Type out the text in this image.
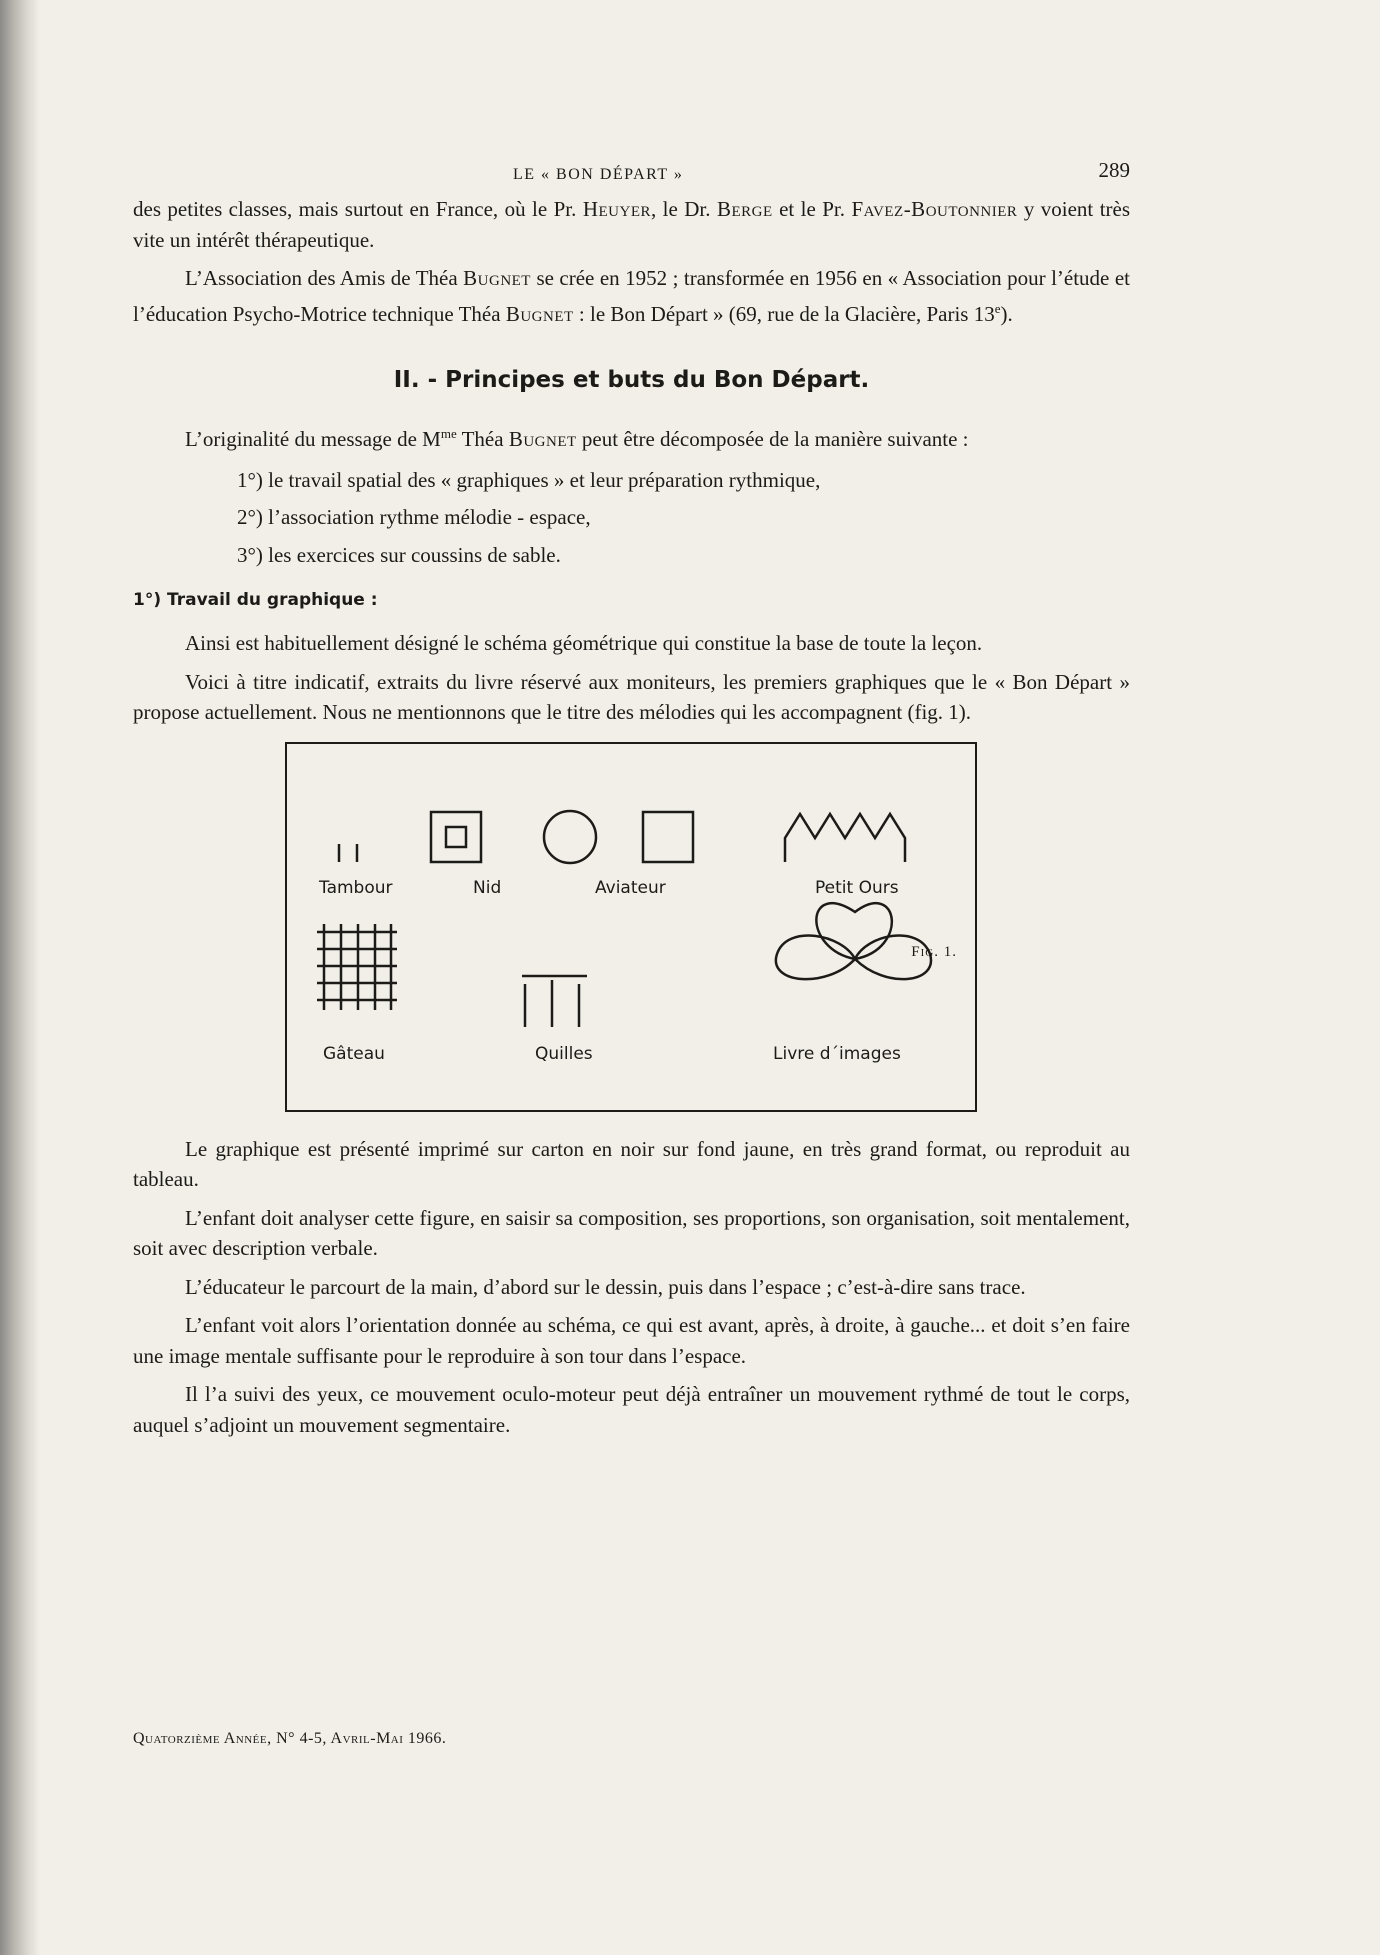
LE « BON DÉPART »	289

des petites classes, mais surtout en France, où le Pr. Heuyer, le Dr. Berge et le Pr. Favez-Boutonnier y voient très vite un intérêt thérapeutique.

L’Association des Amis de Théa Bugnet se crée en 1952 ; transformée en 1956 en « Association pour l’étude et l’éducation Psycho-Motrice technique Théa Bugnet : le Bon Départ » (69, rue de la Glacière, Paris 13e).

II. - Principes et buts du Bon Départ.

L’originalité du message de $M^{me}$ Théa Bugnet peut être décomposée de la manière suivante :

1°) le travail spatial des « graphiques » et leur préparation rythmique,
2°) l’association rythme mélodie - espace,
3°) les exercices sur coussins de sable.
1°) Travail du graphique :

Ainsi est habituellement désigné le schéma géométrique qui constitue la base de toute la leçon.

Voici à titre indicatif, extraits du livre réservé aux moniteurs, les premiers graphiques que le « Bon Départ » propose actuellement. Nous ne mentionnons que le titre des mélodies qui les accompagnent (fig. 1).

Tambour	Nid	Aviateur	Petit Ours
Gâteau	Quilles	Livre d´images
Fig. 1.

Le graphique est présenté imprimé sur carton en noir sur fond jaune, en très grand format, ou reproduit au tableau.

L’enfant doit analyser cette figure, en saisir sa composition, ses proportions, son organisation, soit mentalement, soit avec description verbale.

L’éducateur le parcourt de la main, d’abord sur le dessin, puis dans l’espace ; c’est-à-dire sans trace.

L’enfant voit alors l’orientation donnée au schéma, ce qui est avant, après, à droite, à gauche... et doit s’en faire une image mentale suffisante pour le reproduire à son tour dans l’espace.

Il l’a suivi des yeux, ce mouvement oculo-moteur peut déjà entraîner un mouvement rythmé de tout le corps, auquel s’adjoint un mouvement segmentaire.

Quatorzième Année, N° 4-5, Avril-Mai 1966.
